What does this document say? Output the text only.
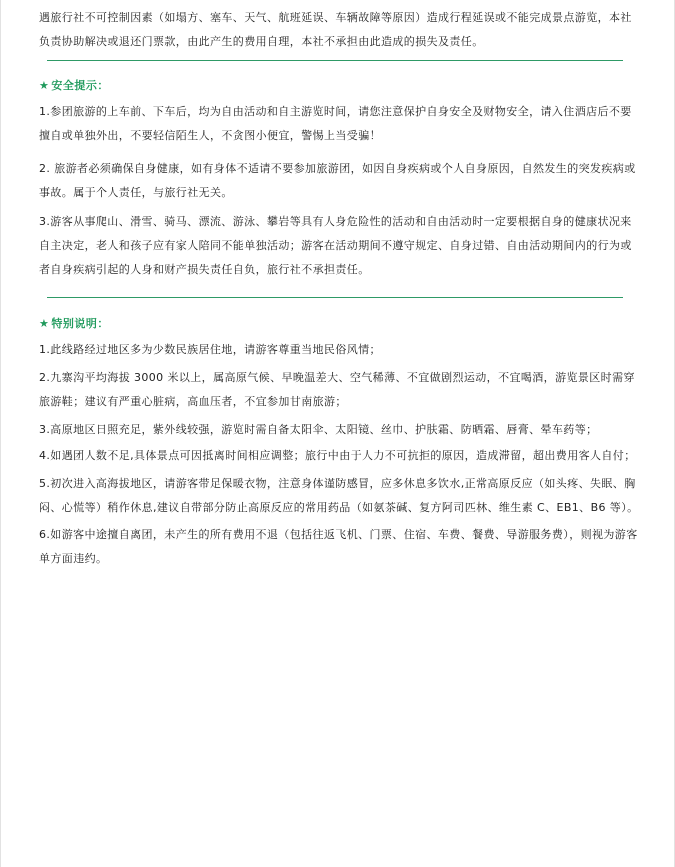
遇旅行社不可控制因素（如塌方、塞车、天气、航班延误、车辆故障等原因）造成行程延误或不能完成景点游览，本社负责协助解决或退还门票款，由此产生的费用自理，本社不承担由此造成的损失及责任。

★ 安全提示：

1.参团旅游的上车前、下车后，均为自由活动和自主游览时间，请您注意保护自身安全及财物安全，请入住酒店后不要擅自或单独外出，不要轻信陌生人，不贪图小便宜，警惕上当受骗！

2. 旅游者必须确保自身健康，如有身体不适请不要参加旅游团，如因自身疾病或个人自身原因，自然发生的突发疾病或事故。属于个人责任，与旅行社无关。

3.游客从事爬山、滑雪、骑马、漂流、游泳、攀岩等具有人身危险性的活动和自由活动时一定要根据自身的健康状况来自主决定，老人和孩子应有家人陪同不能单独活动；游客在活动期间不遵守规定、自身过错、自由活动期间内的行为或者自身疾病引起的人身和财产损失责任自负，旅行社不承担责任。

★ 特别说明：

1.此线路经过地区多为少数民族居住地，请游客尊重当地民俗风情；

2.九寨沟平均海拔 3000 米以上，属高原气候、早晚温差大、空气稀薄、不宜做剧烈运动，不宜喝酒，游览景区时需穿旅游鞋；建议有严重心脏病，高血压者，不宜参加甘南旅游；

3.高原地区日照充足，紫外线较强，游览时需自备太阳伞、太阳镜、丝巾、护肤霜、防晒霜、唇膏、晕车药等；

4.如遇团人数不足,具体景点可因抵离时间相应调整；旅行中由于人力不可抗拒的原因，造成滞留，超出费用客人自付；

5.初次进入高海拔地区，请游客带足保暖衣物，注意身体谨防感冒，应多休息多饮水,正常高原反应（如头疼、失眠、胸闷、心慌等）稍作休息,建议自带部分防止高原反应的常用药品（如氨茶碱、复方阿司匹林、维生素 C、EB1、B6 等）。

6.如游客中途擅自离团，未产生的所有费用不退（包括往返飞机、门票、住宿、车费、餐费、导游服务费），则视为游客单方面违约。
